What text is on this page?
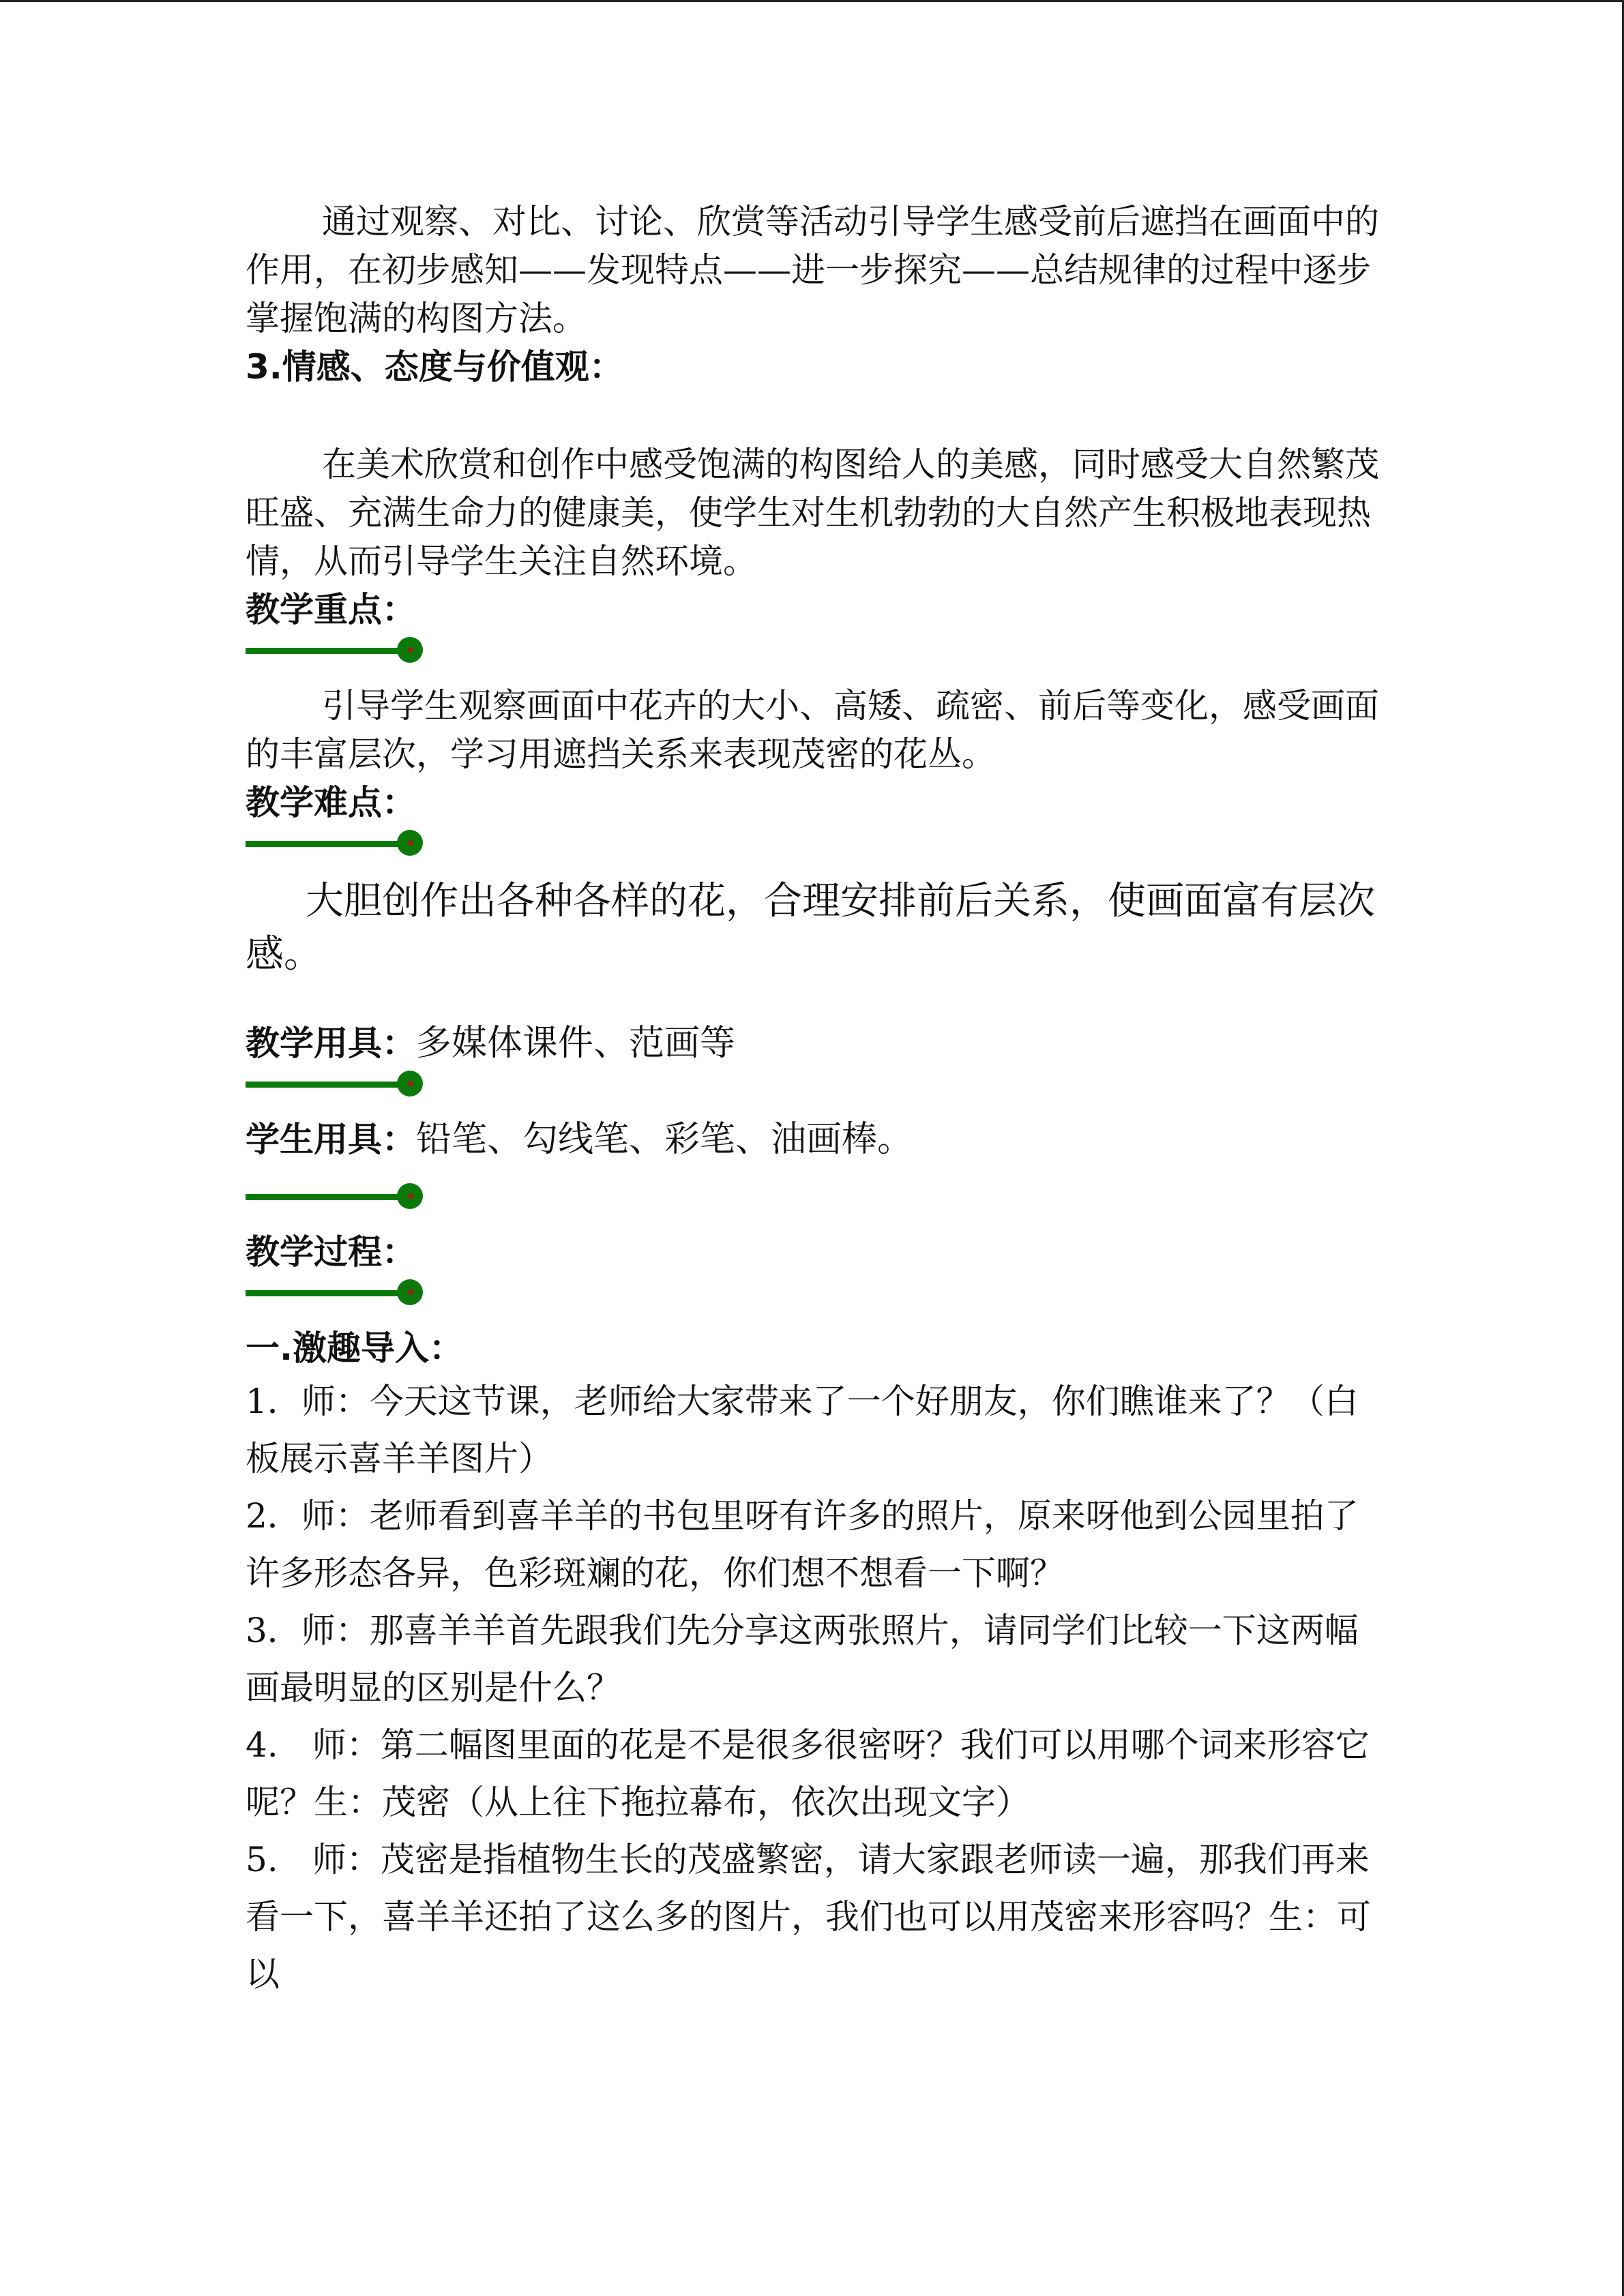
通过观察、对比、讨论、欣赏等活动引导学生感受前后遮挡在画面中的作用，在初步感知——发现特点——进一步探究——总结规律的过程中逐步掌握饱满的构图方法。

3.情感、态度与价值观：

在美术欣赏和创作中感受饱满的构图给人的美感，同时感受大自然繁茂旺盛、充满生命力的健康美，使学生对生机勃勃的大自然产生积极地表现热情，从而引导学生关注自然环境。

教学重点：

引导学生观察画面中花卉的大小、高矮、疏密、前后等变化，感受画面的丰富层次，学习用遮挡关系来表现茂密的花丛。

教学难点：

大胆创作出各种各样的花，合理安排前后关系，使画面富有层次感。

教学用具：多媒体课件、范画等

学生用具：铅笔、勾线笔、彩笔、油画棒。

教学过程：

一.激趣导入：

1．师：今天这节课，老师给大家带来了一个好朋友，你们瞧谁来了？（白板展示喜羊羊图片）

2．师：老师看到喜羊羊的书包里呀有许多的照片，原来呀他到公园里拍了许多形态各异，色彩斑斓的花，你们想不想看一下啊？

3．师：那喜羊羊首先跟我们先分享这两张照片，请同学们比较一下这两幅画最明显的区别是什么？

4.　师：第二幅图里面的花是不是很多很密呀？我们可以用哪个词来形容它呢？生：茂密（从上往下拖拉幕布，依次出现文字）

5.　师：茂密是指植物生长的茂盛繁密，请大家跟老师读一遍，那我们再来看一下，喜羊羊还拍了这么多的图片，我们也可以用茂密来形容吗？生：可以
